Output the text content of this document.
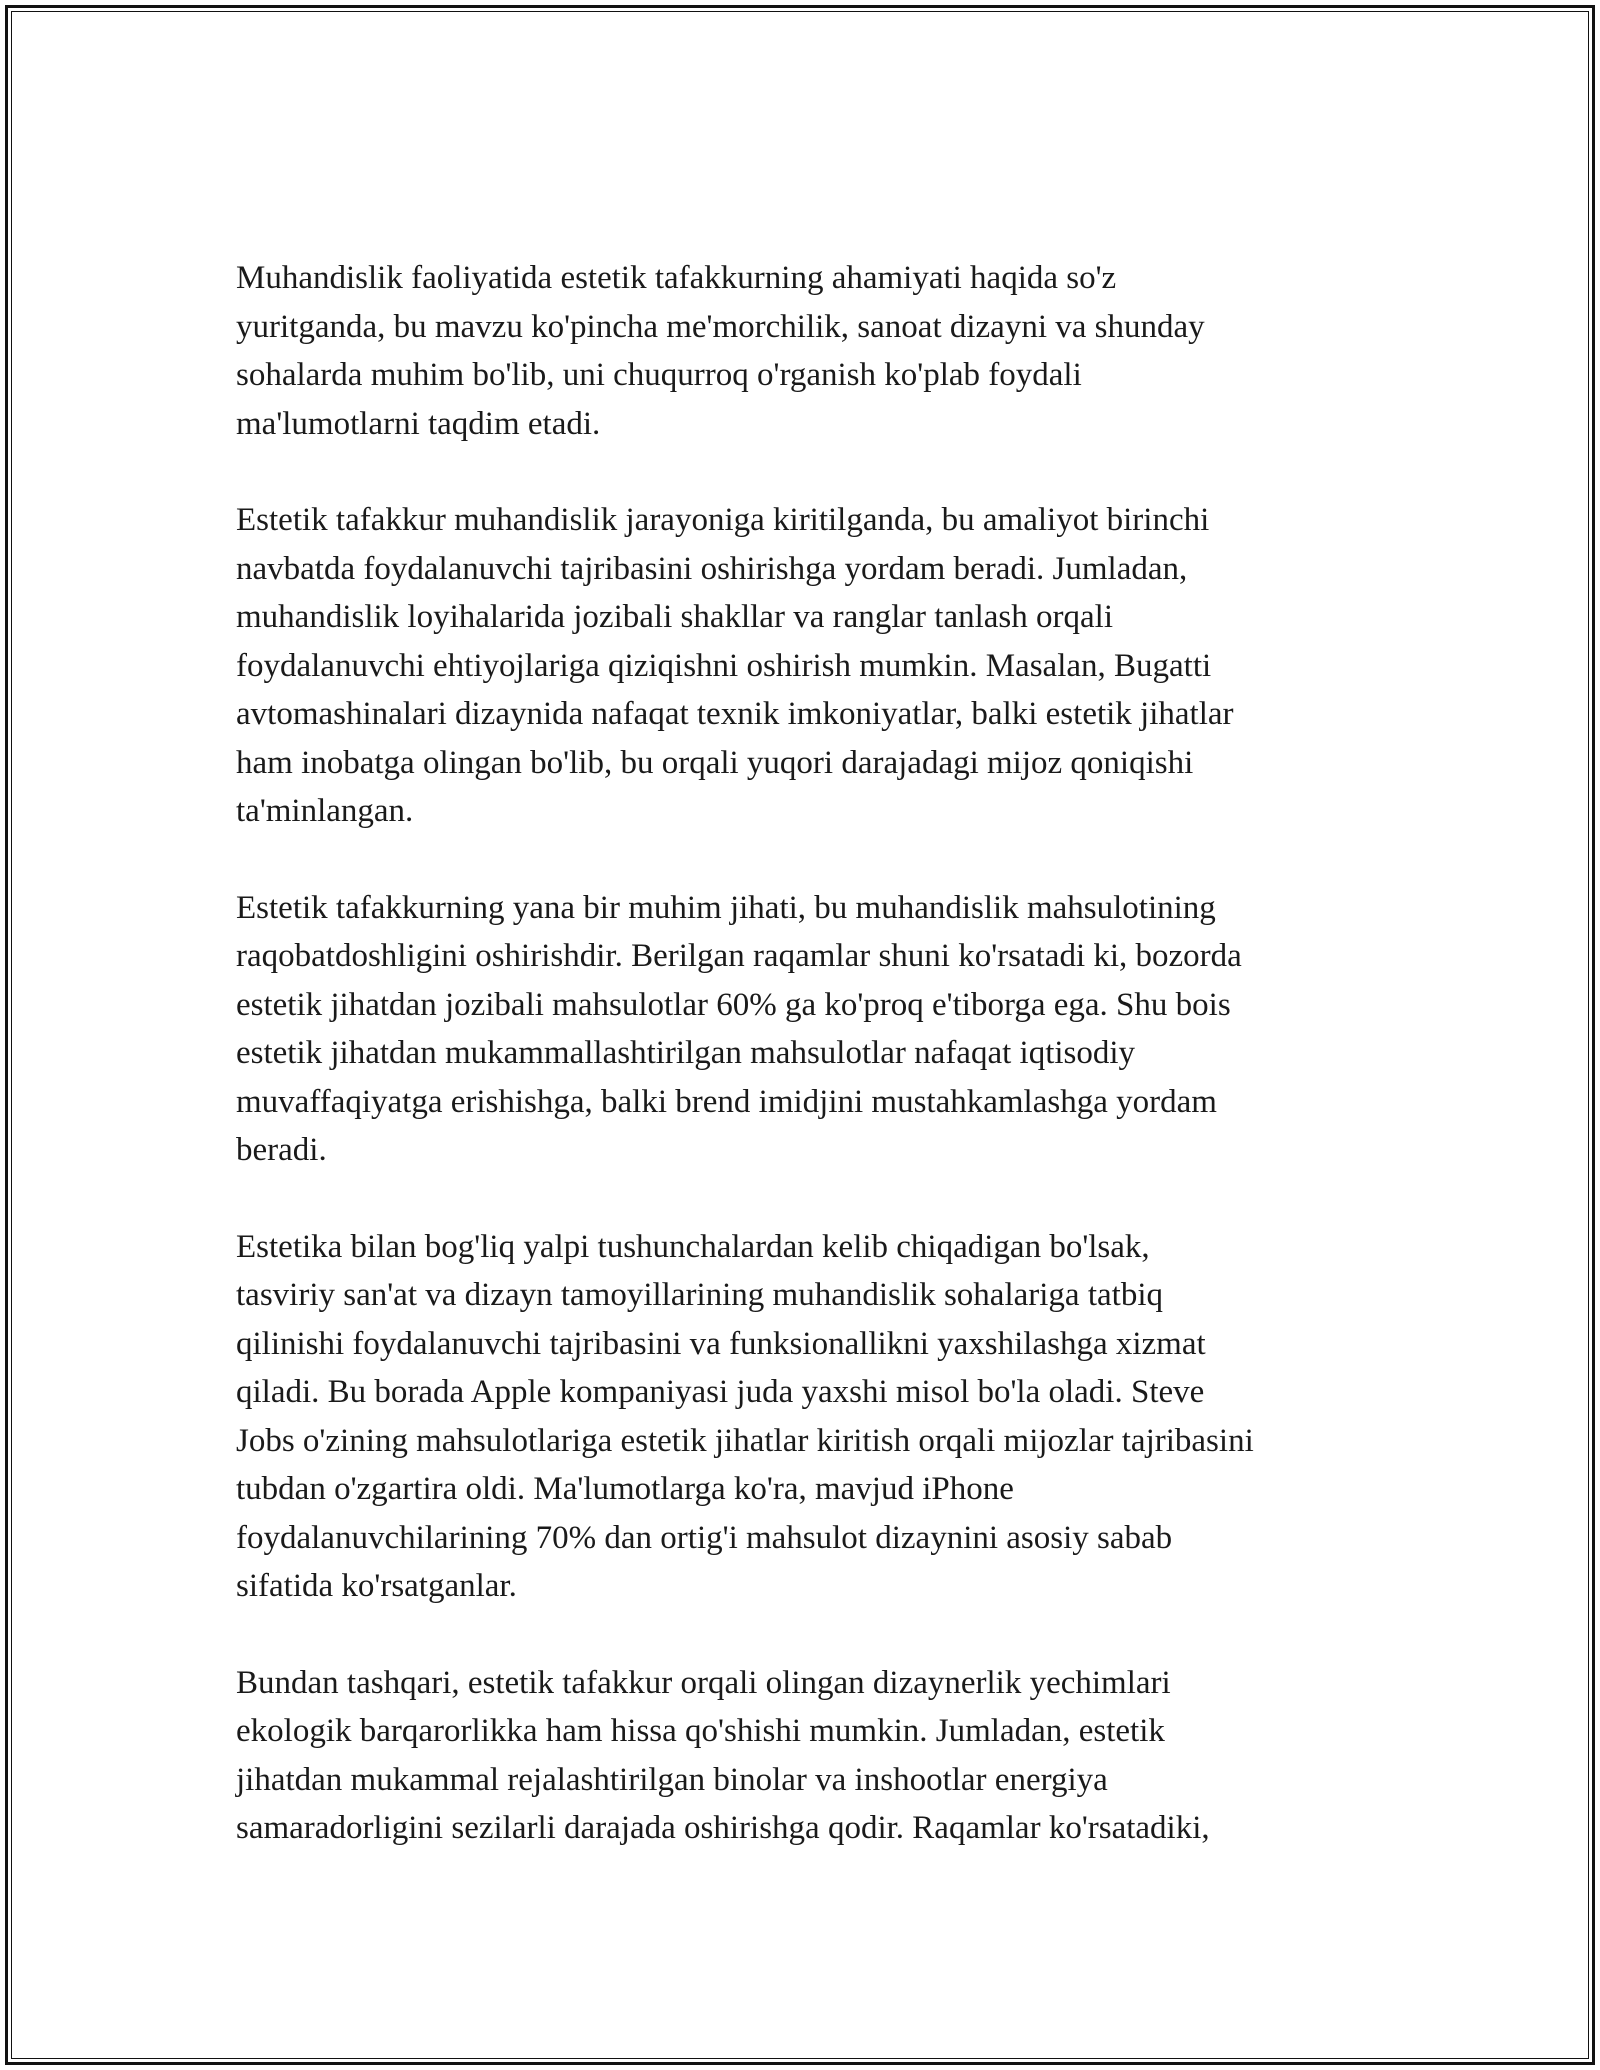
Muhandislik faoliyatida estetik tafakkurning ahamiyati haqida so'z
yuritganda, bu mavzu ko'pincha me'morchilik, sanoat dizayni va shunday
sohalarda muhim bo'lib, uni chuqurroq o'rganish ko'plab foydali
ma'lumotlarni taqdim etadi.

Estetik tafakkur muhandislik jarayoniga kiritilganda, bu amaliyot birinchi
navbatda foydalanuvchi tajribasini oshirishga yordam beradi. Jumladan,
muhandislik loyihalarida jozibali shakllar va ranglar tanlash orqali
foydalanuvchi ehtiyojlariga qiziqishni oshirish mumkin. Masalan, Bugatti
avtomashinalari dizaynida nafaqat texnik imkoniyatlar, balki estetik jihatlar
ham inobatga olingan bo'lib, bu orqali yuqori darajadagi mijoz qoniqishi
ta'minlangan.

Estetik tafakkurning yana bir muhim jihati, bu muhandislik mahsulotining
raqobatdoshligini oshirishdir. Berilgan raqamlar shuni ko'rsatadi ki, bozorda
estetik jihatdan jozibali mahsulotlar 60% ga ko'proq e'tiborga ega. Shu bois
estetik jihatdan mukammallashtirilgan mahsulotlar nafaqat iqtisodiy
muvaffaqiyatga erishishga, balki brend imidjini mustahkamlashga yordam
beradi.

Estetika bilan bog'liq yalpi tushunchalardan kelib chiqadigan bo'lsak,
tasviriy san'at va dizayn tamoyillarining muhandislik sohalariga tatbiq
qilinishi foydalanuvchi tajribasini va funksionallikni yaxshilashga xizmat
qiladi. Bu borada Apple kompaniyasi juda yaxshi misol bo'la oladi. Steve
Jobs o'zining mahsulotlariga estetik jihatlar kiritish orqali mijozlar tajribasini
tubdan o'zgartira oldi. Ma'lumotlarga ko'ra, mavjud iPhone
foydalanuvchilarining 70% dan ortig'i mahsulot dizaynini asosiy sabab
sifatida ko'rsatganlar.

Bundan tashqari, estetik tafakkur orqali olingan dizaynerlik yechimlari
ekologik barqarorlikka ham hissa qo'shishi mumkin. Jumladan, estetik
jihatdan mukammal rejalashtirilgan binolar va inshootlar energiya
samaradorligini sezilarli darajada oshirishga qodir. Raqamlar ko'rsatadiki,
